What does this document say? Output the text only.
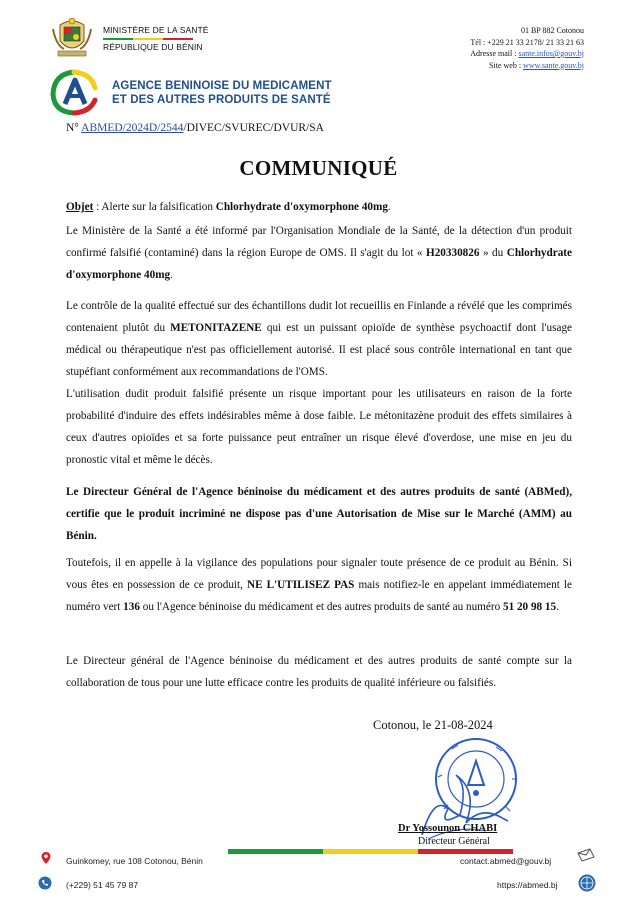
MINISTÈRE DE LA SANTÉ
RÉPUBLIQUE DU BÉNIN
01 BP 882 Cotonou
Tél : +229 21 33 2178/ 21 33 21 63
Adresse mail : sante.infos@gouv.bj
Site web : www.sante.gouv.bj
AGENCE BENINOISE DU MEDICAMENT
ET DES AUTRES PRODUITS DE SANTÉ
N° ABMED/2024D/2544/DIVEC/SVUREC/DVUR/SA
COMMUNIQUÉ

Objet : Alerte sur la falsification Chlorhydrate d'oxymorphone 40mg.

Le Ministère de la Santé a été informé par l'Organisation Mondiale de la Santé, de la détection d'un produit confirmé falsifié (contaminé) dans la région Europe de OMS. Il s'agit du lot « H20330826 » du Chlorhydrate d'oxymorphone 40mg.

Le contrôle de la qualité effectué sur des échantillons dudit lot recueillis en Finlande a révélé que les comprimés contenaient plutôt du METONITAZENE qui est un puissant opioïde de synthèse psychoactif dont l'usage médical ou thérapeutique n'est pas officiellement autorisé. Il est placé sous contrôle international en tant que stupéfiant conformément aux recommandations de l'OMS.

L'utilisation dudit produit falsifié présente un risque important pour les utilisateurs en raison de la forte probabilité d'induire des effets indésirables même à dose faible. Le métonitazène produit des effets similaires à ceux d'autres opioïdes et sa forte puissance peut entraîner un risque élevé d'overdose, une mise en jeu du pronostic vital et même le décès.

Le Directeur Général de l'Agence béninoise du médicament et des autres produits de santé (ABMed), certifie que le produit incriminé ne dispose pas d'une Autorisation de Mise sur le Marché (AMM) au Bénin.

Toutefois, il en appelle à la vigilance des populations pour signaler toute présence de ce produit au Bénin. Si vous êtes en possession de ce produit, NE L'UTILISEZ PAS mais notifiez-le en appelant immédiatement le numéro vert 136 ou l'Agence béninoise du médicament et des autres produits de santé au numéro 51 20 98 15.

Le Directeur général de l'Agence béninoise du médicament et des autres produits de santé compte sur la collaboration de tous pour une lutte efficace contre les produits de qualité inférieure ou falsifiés.

Cotonou, le 21-08-2024
Dr Yossounon CHABI
Directeur Général
Guinkomey, rue 108 Cotonou, Bénin
(+229) 51 45 79 87
contact.abmed@gouv.bj
https://abmed.bj
